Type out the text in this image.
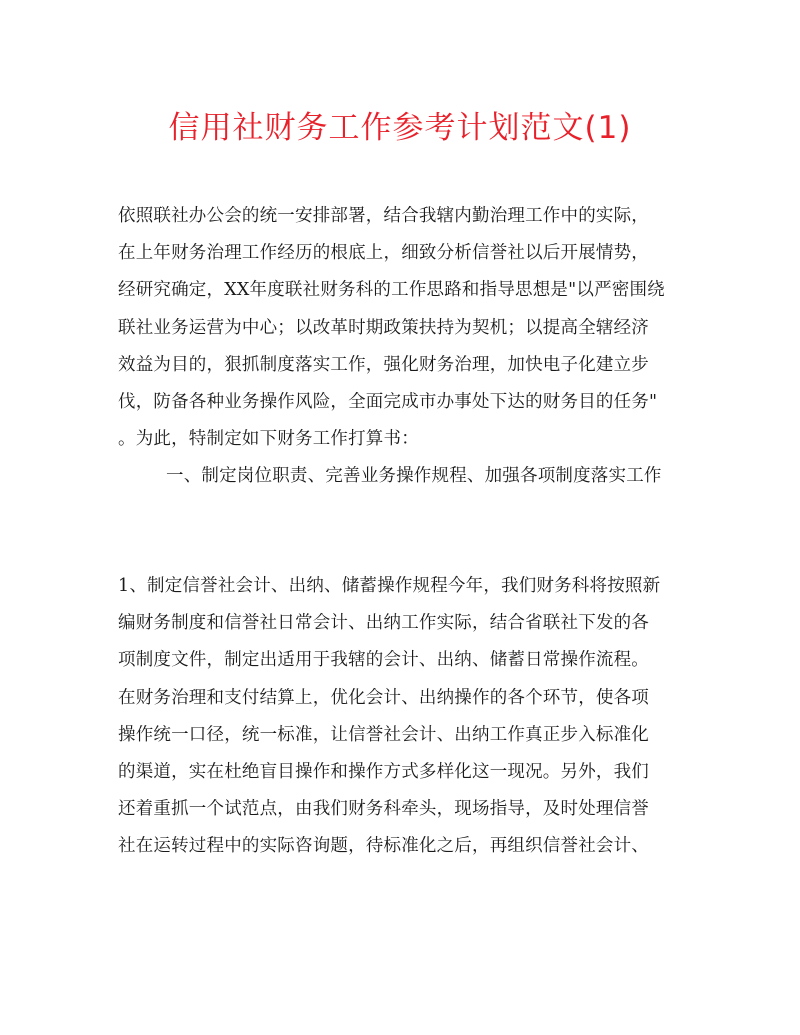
信用社财务工作参考计划范文(1)
依照联社办公会的统一安排部署，结合我辖内勤治理工作中的实际，
在上年财务治理工作经历的根底上，细致分析信誉社以后开展情势，
经研究确定，XX年度联社财务科的工作思路和指导思想是"以严密围绕
联社业务运营为中心；以改革时期政策扶持为契机；以提高全辖经济
效益为目的，狠抓制度落实工作，强化财务治理，加快电子化建立步
伐，防备各种业务操作风险，全面完成市办事处下达的财务目的任务"
。为此，特制定如下财务工作打算书：
一、制定岗位职责、完善业务操作规程、加强各项制度落实工作
1、制定信誉社会计、出纳、储蓄操作规程今年，我们财务科将按照新
编财务制度和信誉社日常会计、出纳工作实际，结合省联社下发的各
项制度文件，制定出适用于我辖的会计、出纳、储蓄日常操作流程。
在财务治理和支付结算上，优化会计、出纳操作的各个环节，使各项
操作统一口径，统一标准，让信誉社会计、出纳工作真正步入标准化
的渠道，实在杜绝盲目操作和操作方式多样化这一现况。另外，我们
还着重抓一个试范点，由我们财务科牵头，现场指导，及时处理信誉
社在运转过程中的实际咨询题，待标准化之后，再组织信誉社会计、
